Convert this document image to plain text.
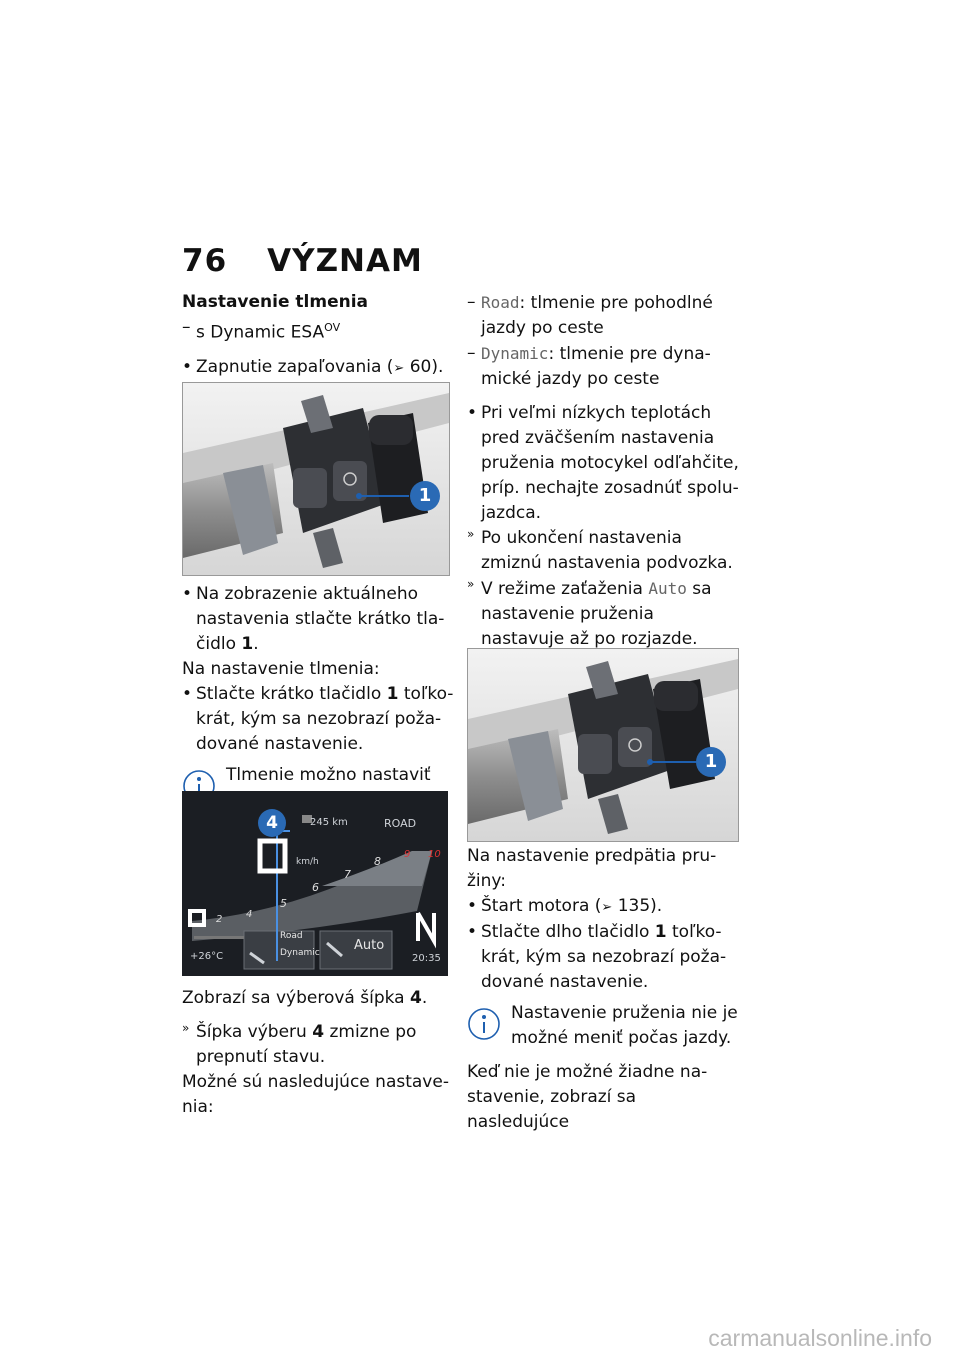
76 VÝZNAM

Nastavenie tlmenia

– s Dynamic $ESA^{OV}$

• Zapnutie zapaľovania (➢ 60).

1

• Na zobrazenie aktuálneho nastavenia stlačte krátko tla-čidlo 1.

Na nastavenie tlmenia:

• Stlačte krátko tlačidlo 1 toľko-krát, kým sa nezobrazí poža-dované nastavenie.

Tlmenie možno nastaviť

4	245 km	ROAD
km/h
2 4
5
6
7
8
9 10
Road
Dynamic	Auto
+26°C	20:35

Zobrazí sa výberová šípka 4.

» Šípka výberu 4 zmizne po prepnutí stavu.

Možné sú nasledujúce nastave-nia:

– Road: tlmenie pre pohodlné jazdy po ceste

– Dynamic: tlmenie pre dyna-mické jazdy po ceste

• Pri veľmi nízkych teplotách pred zväčšením nastavenia pruženia motocykel odľahčite, príp. nechajte zosadnúť spolu-jazdca.

» Po ukončení nastavenia zmiznú nastavenia podvozka.

» V režime zaťaženia Auto sa nastavenie pruženia nastavuje až po rozjazde.

1

Na nastavenie predpätia pru-žiny:

• Štart motora (➢ 135).

• Stlačte dlho tlačidlo 1 toľko-krát, kým sa nezobrazí poža-dované nastavenie.

Nastavenie pruženia nie je možné meniť počas jazdy.

Keď nie je možné žiadne na-stavenie, zobrazí sa nasledujúce

carmanualsonline.info
